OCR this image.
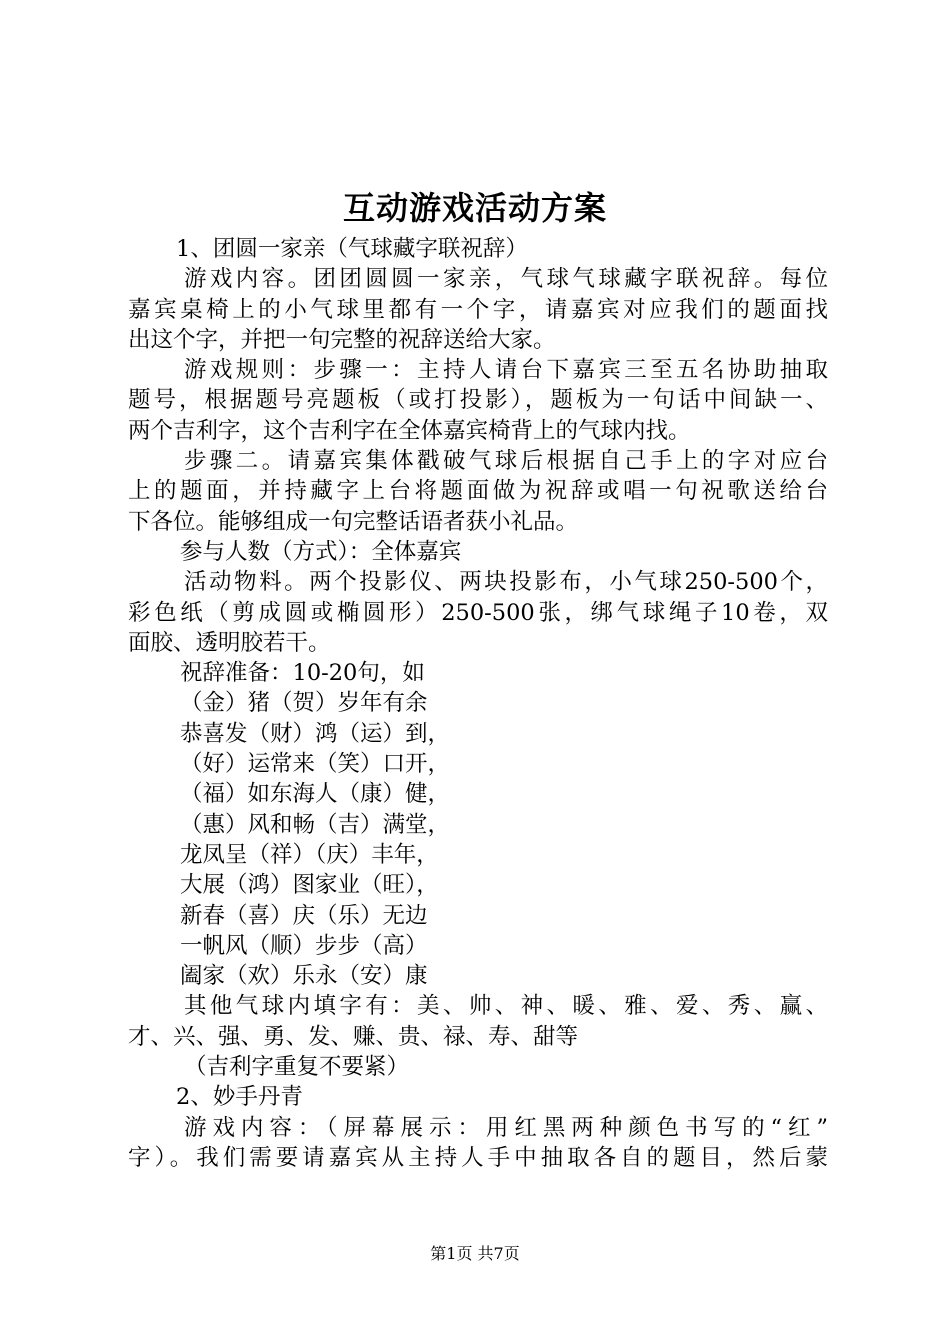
互动游戏活动方案
1、团圆一家亲（气球藏字联祝辞）
游戏内容。团团圆圆一家亲，气球气球藏字联祝辞。每位
嘉宾桌椅上的小气球里都有一个字，请嘉宾对应我们的题面找
出这个字，并把一句完整的祝辞送给大家。
游戏规则：步骤一：主持人请台下嘉宾三至五名协助抽取
题号，根据题号亮题板（或打投影），题板为一句话中间缺一、
两个吉利字，这个吉利字在全体嘉宾椅背上的气球内找。
步骤二。请嘉宾集体戳破气球后根据自己手上的字对应台
上的题面，并持藏字上台将题面做为祝辞或唱一句祝歌送给台
下各位。能够组成一句完整话语者获小礼品。
参与人数（方式）：全体嘉宾
活动物料。两个投影仪、两块投影布，小气球250-500个，
彩色纸（剪成圆或椭圆形）250-500张，绑气球绳子10卷，双
面胶、透明胶若干。
祝辞准备：10-20句，如
（金）猪（贺）岁年有余
恭喜发（财）鸿（运）到，
（好）运常来（笑）口开，
（福）如东海人（康）健，
（惠）风和畅（吉）满堂，
龙凤呈（祥）（庆）丰年，
大展（鸿）图家业（旺），
新春（喜）庆（乐）无边
一帆风（顺）步步（高）
阖家（欢）乐永（安）康
其他气球内填字有：美、帅、神、暖、雅、爱、秀、赢、
才、兴、强、勇、发、赚、贵、禄、寿、甜等
（吉利字重复不要紧）
2、妙手丹青
游戏内容：（屏幕展示：用红黑两种颜色书写的“红”
字）。我们需要请嘉宾从主持人手中抽取各自的题目，然后蒙
第1页 共7页
